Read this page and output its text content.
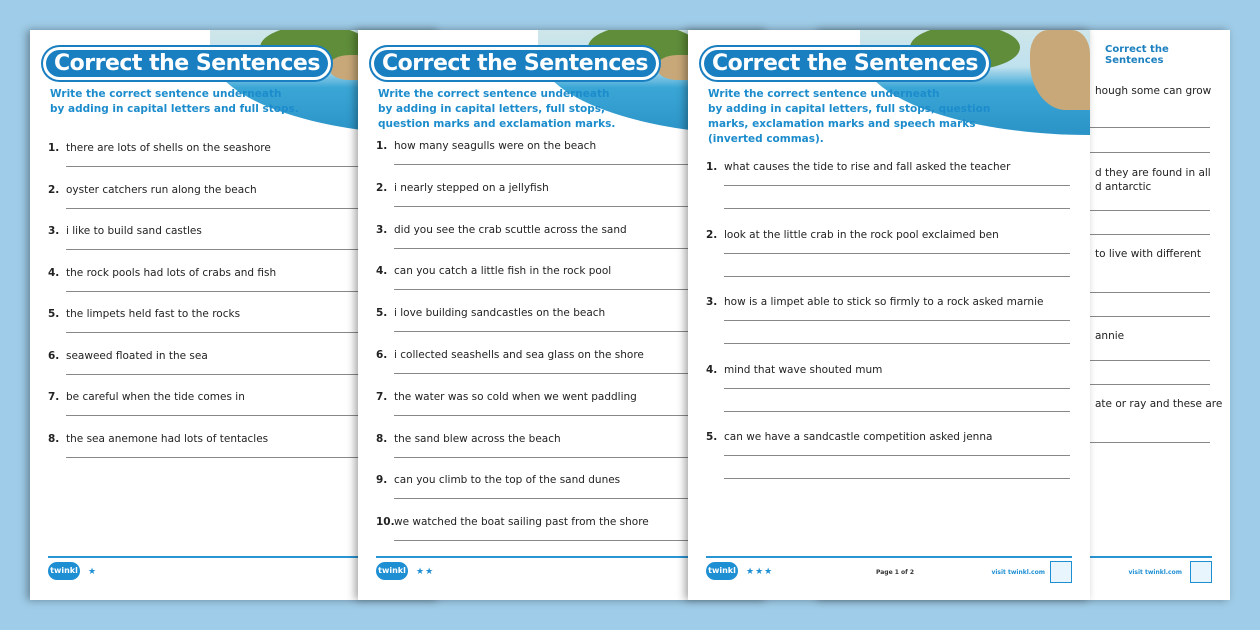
Correct the Sentences
hough some can grow
d they are found in all
d antarctic
to live with different
annie
ate or ray and these are
visit twinkl.com
Correct the Sentences
Write the correct sentence underneath
by adding in capital letters and full stops.
1. there are lots of shells on the seashore
2. oyster catchers run along the beach
3. i like to build sand castles
4. the rock pools had lots of crabs and fish
5. the limpets held fast to the rocks
6. seaweed floated in the sea
7. be careful when the tide comes in
8. the sea anemone had lots of tentacles
twinkl ★
Correct the Sentences
Write the correct sentence underneath
by adding in capital letters, full stops,
question marks and exclamation marks.
1. how many seagulls were on the beach
2. i nearly stepped on a jellyfish
3. did you see the crab scuttle across the sand
4. can you catch a little fish in the rock pool
5. i love building sandcastles on the beach
6. i collected seashells and sea glass on the shore
7. the water was so cold when we went paddling
8. the sand blew across the beach
9. can you climb to the top of the sand dunes
10.we watched the boat sailing past from the shore
twinkl ★★
Correct the Sentences
Write the correct sentence underneath
by adding in capital letters, full stops, question
marks, exclamation marks and speech marks
(inverted commas).
1. what causes the tide to rise and fall asked the teacher
2. look at the little crab in the rock pool exclaimed ben
3. how is a limpet able to stick so firmly to a rock asked marnie
4. mind that wave shouted mum
5. can we have a sandcastle competition asked jenna
twinkl ★★★	Page 1 of 2	visit twinkl.com
